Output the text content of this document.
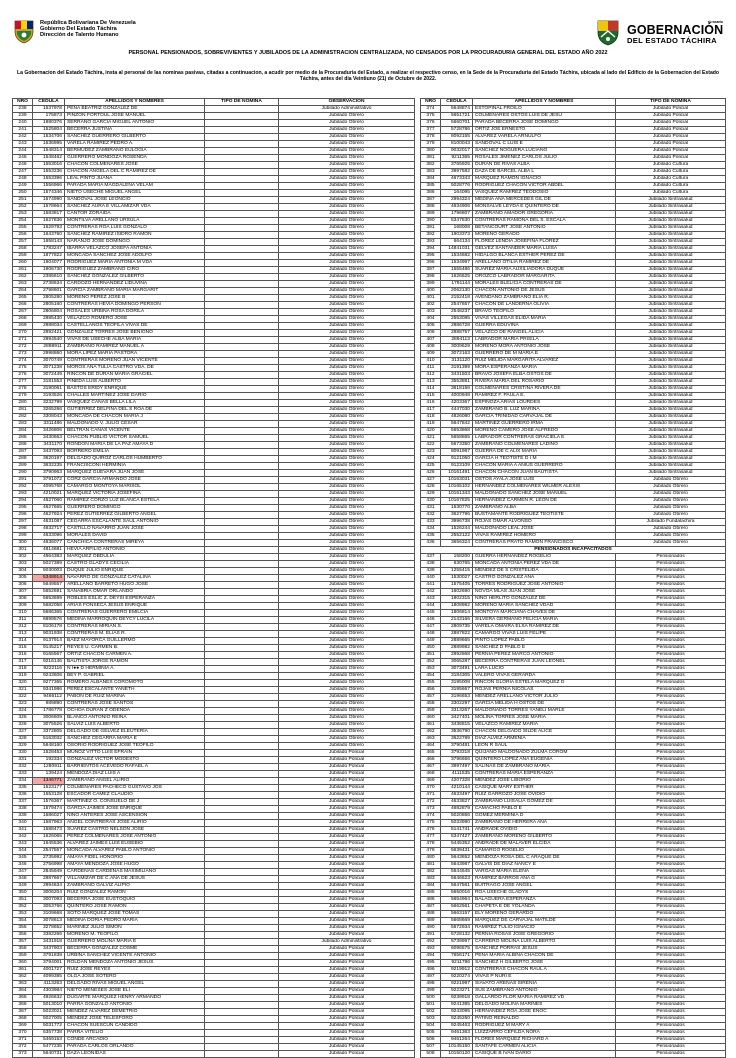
República Bolivariana De Venezuela
Gobierno Del Estado Táchira
Dirección de Talento Humano
el rosario
GOBERNACIÓN
DEL ESTADO TÁCHIRA
PERSONAL PENSIONADOS, SOBREVIVIENTES Y JUBILADOS DE LA ADMINISTRACION CENTRALIZADA, NO CENSADOS POR LA PROCURADURIA GENERAL DEL ESTADO AÑO 2022
La Gobernacion del Estado Táchira, insta al personal de las nominas pasivas, citadas a continuacion, a acudir por medio de la Procuraduria del Estado, a realizar el respectivo censo, en la Sede de la Procuraduria del Estado Táchira, ubicada al lado del Edificio de la Gobernacion del Estado Táchira, antes del dia Veintiuno (21) de Octubre de 2022.
NRO	CEDULA	APELLIDOS Y NOMBRES	TIPO DE NOMINA	OBSERVACION
238	1537978	PEÑA BEATRIZ GONZALEZ DE		Jubilado Administrativo
239	175873	PINZON FORTOUL JOSE MANUEL		Jubilado Obrero
240	1980376	SERRANO GARCIA MIGUEL ANTONIO		Jubilado Obrero
241	1525804	BECERRA JUSTINA		Jubilado Obrero
242	1534706	SANCHEZ GUERRERO GILBERTO		Jubilado Obrero
243	1536995	VARELA RAMIREZ PEDRO A.		Jubilado Obrero
244	1548314	BERMUDEZ ZAMBRANO EULOGIA		Jubilado Obrero
245	1548462	GUERRERO MONDOZA ROSENDA		Jubilado Obrero
246	1553016	CHACON COLMENARES JOSE		Jubilado Obrero
247	1553236	CHACON ANGELA DEL C RAMIREZ DE		Jubilado Obrero
248	1553396	LEAL PINTO JUANA		Jubilado Obrero
249	1556966	PARADA MARIA MAGDALENA VELAM		Jubilado Obrero
250	1574346	NIETO USECHE MIGUEL ANGEL		Jubilado Obrero
251	1574990	SANDOVAL JOSE LEONCIO		Jubilado Obrero
252	1578664	SANCHEZ AURA E VILLAMIZAR VDA		Jubilado Obrero
253	1583817	CANTOR ZORAIDA		Jubilado Obrero
254	1627836	MONTILVA ARELLANO URSULA		Jubilado Obrero
255	1629793	CONTRERAS ROA LUIS GONZALO		Jubilado Obrero
256	1643760	SANCHEZ RAMIREZ ISIDRO RAMON		Jubilado Obrero
257	1658143	NARANJO JOSE DOMINGO		Jubilado Obrero
258	1783247	IBARRA VELAZCO JOSEFA ANTONIA		Jubilado Obrero
259	1877822	MONCADA SANCHEZ JOSE ADOLFO		Jubilado Obrero
260	1904077	RODRIGUEZ MARIA ANTONIA M VDA		Jubilado Obrero
261	1906730	RODRIGUEZ ZAMBRANO CIRO		Jubilado Obrero
262	2386610	SANCHEZ GONZALEZ GILBERTO		Jubilado Obrero
263	2738634	CARDOZO HERNANDEZ LIDUVINA		Jubilado Obrero
264	2798601	GARCIA ZAMBRANO MARIA MARGARIT		Jubilado Obrero
265	2805280	MORENO PEREZ JOSE B		Jubilado Obrero
266	2805160	CONTRERAS HEVIA DOMINGO PERSON		Jubilado Obrero
267	2806804	ROSALES URBINA ROSA DORILA		Jubilado Obrero
268	2885430	VELAZCO ROMERO JOSE		Jubilado Obrero
269	2888034	CASTELLANOS TEOFILA VIVAS DE		Jubilado Obrero
270	2892421	GONZALEZ TORRES JOSE BENIGNO		Jubilado Obrero
271	2894540	VIVAS DE USECHE ALBA MARIA		Jubilado Obrero
272	2898911	ZAMBRANO RAMIREZ MANUEL A		Jubilado Obrero
273	2998860	MORA LIPEZ MARIA PASTORA		Jubilado Obrero
274	3070749	CONTRERAS MORENO JUAN VICENTE		Jubilado Obrero
275	3071238	MOROS ANA TULIA CASTRO VDA. DE		Jubilado Obrero
276	3072449	RINCON DE DURAN MARIA GRACIEL		Jubilado Obrero
277	3181553	PINEDA LUIS ALBERTO		Jubilado Obrero
278	3190061	BASTOS ERIDY ENRIQUE		Jubilado Obrero
279	3193526	CHALLES MARTINEZ JOSE DARIO		Jubilado Obrero
280	3232799	VASQUEZ CANAS BELLA LILA		Jubilado Obrero
281	3265266	GUTIERREZ DELFINA DEL S ROA DE		Jubilado Obrero
282	3308043	MONCADA DE CHACON MARIA J		Jubilado Obrero
283	3311486	MALDONADO V. JULIO CESAR		Jubilado Obrero
284	3426806	BELTRAN CAÑAS VICENTE		Jubilado Obrero
285	3430663	CHACON PUBLIO VICTOR SAMUEL		Jubilado Obrero
286	3431170	RONDON MARIA DE LA PAZ AMAYA D		Jubilado Obrero
287	3437093	BORRERO EMILIA		Jubilado Obrero
288	3620197	DELGADO QUIROZ CARLOS HUMBERTO		Jubilado Obrero
289	3632235	FRANCISCONI HERMINIA		Jubilado Obrero
290	3790963	MARQUEZ GUEVARA JUAN JOSE		Jubilado Obrero
291	3791072	CORZ GARCIA ARMANDO JOSE		Jubilado Obrero
292	4095768	CAMARGO MONTOYA MARISOL		Jubilado Obrero
293	4210021	MARQUEZ VICTORIA JOSEFINA		Jubilado Obrero
294	4627060	RAMIREZ CORZO LUZ BLANCA ESTELA		Jubilado Obrero
295	4627665	GUERRERO DOMINGO		Jubilado Obrero
296	4627924	PEREZ GUTIERREZ GILBERTO ANGEL		Jubilado Obrero
297	4631087	CEGARRA ESCALANTE SAUL ANTONIO		Jubilado Obrero
298	4632717	CASTILLO NAVARRO JUAN JOSE		Jubilado Obrero
299	4633096	MORALES DAVID		Jubilado Obrero
300	4636077	CANCHICA CONTRERAS MIREYA		Jubilado Obrero
301	4814681	HEVIA ARFILIO ANTONIO		Jubilado Obrero
302	4964383	MARQUEZ OBDULIA		Jubilado Obrero
303	5027389	CASTRO GLADYS CECILIA		Jubilado Obrero
304	5030003	DUQUE JULIO ENRIQUE		Jubilado Obrero
305	5348914	NAVARRO DE GONZALEZ CATALINA		Jubilado Obrero
306	5649557	ARELLANO BARRETO HUGO JOSE		Jubilado Obrero
307	5652691	SANABRIA OMAR ORLANDO		Jubilado Obrero
308	5653699	ROBLES ESLIC Z. DEYSI ESPERANZA		Jubilado Obrero
309	5682058	ARIAS FONSECA JESUS ENRIQUE		Jubilado Obrero
310	5686365	CONTRERAS GUERRERO EMILCIA		Jubilado Obrero
311	6899576	MEDINA MARROQUIN DEYCY LUCILA		Jubilado Obrero
312	8106178	CONTRERAS MIRIAN S.		Jubilado Obrero
313	9031938	CONTRERAS M. ELIAS R.		Jubilado Obrero
314	9137914	BAEZ MAYORCA GUILLERMO		Jubilado Obrero
315	9145217	REYES U. CARMEN B.		Jubilado Obrero
316	9165567	ORTIZ CHACON CARMEN A.		Jubilado Obrero
317	9216146	BAUTISTA JORGE RAMON		Jubilado Obrero
318	9222116	N I●● D HERMINIA A.		Jubilado Obrero
319	9243606	BEY P. GABRIEL		Jubilado Obrero
320	9277365	ROMERO ALBANES COROMOTO		Jubilado Obrero
321	9341986	PEREZ ESCALANTE YANETH		Jubilado Obrero
322	9466112	PABON DE RUIZ MARINA		Jubilado Obrero
323	989890	CONTRERAS JOSE SANTOS		Jubilado Obrero
324	1786778	OCHOA DURAN Z ODENDA		Jubilado Obrero
325	3006609	BLANCO ANTONIO REINA		Jubilado Obrero
326	3075526	SALVIZ LUIS ALBERTO		Jubilado Obrero
327	3372805	DELGADO DE GELVEZ ELEUTERIA		Jubilado Obrero
328	5163032	SANCHEZ CEGARRA MARIA E		Jubilado Obrero
329	5648160	OSORIO RODRIGUEZ JOSE TEOFILO		Jubilado Obrero
330	1528453	MUÑOZ VITTO LUIS EFRAIN		Jubilado Policial
331	192334	GONZALEZ VICTOR MODESTO		Jubilado Policial
332	1280911	BARRIENTOS ACEVEDO RAFAEL A		Jubilado Policial
333	139424	MENDOZA DIAZ LUIS A		Jubilado Policial
334	1346771	ZAMBRANO ANGEL ALIRIO		Jubilado Policial
335	1523177	COLMENARES PACHECO GUSTAVO JOS		Jubilado Policial
336	1553128	ESCADOR CAMEZ CLAUDIO		Jubilado Policial
337	1576367	MARTINEZ O. CONSUELO DE J		Jubilado Policial
338	1579474	GARCIA JAIMES JOSE ENRIQUE		Jubilado Policial
339	1586027	NINO ANTERES JOSE ASCENSION		Jubilado Policial
340	1587963	ANGEL CONTRERAS JOSE ALIRIO		Jubilado Policial
341	1588473	SUAREZ CASTRO NELSON JOSE		Jubilado Policial
342	1626065	PEREZ COLMENARES JOSE ANTONIO		Jubilado Policial
343	1645536	ALVAREZ JAIMES LUIS EUSEBIO		Jubilado Policial
344	2547557	MONCADA ALVAREZ PABLO ANTONIO		Jubilado Policial
345	2735992	AMAYA FIDEL HONORIO		Jubilado Policial
346	2756998	AMAYA MENDOZA JOSE HUGO		Jubilado Policial
347	2845949	CARDENAS CARDENAS MAXIMILIANO		Jubilado Policial
348	2887667	VILLAMIZAR DE C.ANA DE JESUS		Jubilado Policial
349	2894634	ZAMBRANO GALVIZ ALIPIO		Jubilado Policial
350	3006204	RUIZ GONZALEZ RAMON		Jubilado Policial
351	3007093	BECERRA JOSE EUSTOQUIO		Jubilado Policial
352	3053766	QUINTERO JOSE RAMON		Jubilado Policial
353	3109668	SOTO MARQUEZ JOSE TOMAS		Jubilado Policial
354	3078613	MEDINA DORIA PEDRO MARIA		Jubilado Policial
355	3278652	MARINEZ JULIO SIMON		Jubilado Policial
356	3382266	MORENO M. TEOFILO		Jubilado Policial
357	3431918	GUERRERO MOLINA MARIA E		Jubilado Administrativo
358	3437903	BECERRA GONZALEZ COSME		Jubilado Policial
359	3791838	URBINA SANCHEZ VICENTE ANTONIO		Jubilado Policial
360	3794001	ROLDAN MENDOZA ANTONIO JESUS		Jubilado Policial
361	4001727	RUIZ JOSE REYES		Jubilado Policial
362	4099385	OLGA JOSE SOTERO		Jubilado Policial
363	4113263	DELGADO RIVAS MIGUEL ANGEL		Jubilado Policial
364	4303984	NIETO MENESES JOSE ELI		Jubilado Policial
365	4926632	DUGARTE MARQUEZ HENRY ARMANDO		Jubilado Policial
366	5013010	PARRA GONZALO ANTONIO		Jubilado Policial
367	5023021	MENDEZ ALVAREZ DEMETRIO		Jubilado Policial
368	5027005	MENDEZ JOSE TELESFORO		Jubilado Policial
369	5031772	CHACON SUESCUN CANDIDO		Jubilado Policial
370	5357738	PARRA VITELIO		Jubilado Policial
371	5469153	CONDE ARCADIO		Jubilado Policial
372	5477235	PARADA CARLOS ORLANDO		Jubilado Policial
373	5640731	DAZA LEONIDAS		Jubilado Policial
NRO	CEDULA	APELLIDOS Y NOMBRES	TIPO DE NOMINA
374	5648874	ESTOPINAL FROILO	Jubilado Policial
375	5651721	COLMENARES OSTOS LUIS DE JESU	Jubilado Policial
376	5660701	PARADA BECERRA JOSE DOMINGO	Jubilado Policial
377	5728786	ORTIZ JOE ERNESTO	Jubilado Policial
378	8092155	ALVAREZ VARELA ARNULFO	Jubilado Policial
379	8100043	SANDOVAL C LUIS E	Jubilado Policial
380	9032017	SANCHEZ NOGUERA LUCIANO	Jubilado Policial
381	9211365	ROSALES JIMENEZ CARLOS JULIO	Jubilado Policial
382	3765925	DURAN DE RIVAS ALBA	Jubilado Cultura
383	3997582	DAZA DE BARCEL ALBA L	Jubilado Cultura
384	4673343	MARQUEZ RAMON IGNACIO	Jubilado Cultura
385	5028776	RODRIGUEZ CHACON VICTOR ABDEL	Jubilado Cultura
386	164095	VASQUEZ RAMIREZ TEODOSIO	Jubilado Cultura
387	2994324	MEDINA ANA MERCEDES GIL DE	Jubilado Sintrasalud
388	4634906	MONSALVE LEYDA E QUINTERO DE	Jubilado Sintrasalud
389	1796607	ZAMBRANO AMADOR GREGORIA	Jubilado Sintrasalud
390	5347530	CONTRERAS RAMONA DEL S. ESCALA	Jubilado Sintrasalud
391	168008	BETANCOURT JOSE ANTONIO	Jubilado Sintrasalud
392	1903373	MORENO GERADO	Jubilado Sintrasalud
393	664134	FLOREZ LENDIA JOSEFINA FLOREZ	Jubilado Sintrasalud
394	14841031	GELVEZ SANTANDER MARIA LUISA	Jubilado Sintrasalud
395	1534682	HIDALGO BLANCA ESTHER PEREZ DE	Jubilado Sintrasalud
396	1534997	ARELLANO OTILIA RAMIREZ DE	Jubilado Sintrasalud
397	1555486	SUAREZ MARIA AUXILIADORA DUQUE	Jubilado Sintrasalud
398	1626625	OROZCO LABRADOR MARGARITA	Jubilado Sintrasalud
399	1791144	MORALES BLELICIA CONTRERAS DE	Jubilado Sintrasalud
400	2062130	CHACON ANTONIO DE JESUS	Jubilado Sintrasalud
401	2152418	AVENDANO ZAMBRANO ELIA R.	Jubilado Sintrasalud
402	2547657	CHACON DE LANDERNA OLIVIA	Jubilado Sintrasalud
403	2548237	BRAVO TEOFILO	Jubilado Sintrasalud
404	2553085	VIVAS VILLEGAS ELIDA MARIA	Jubilado Sintrasalud
405	2886728	GUERRA EDUVINA	Jubilado Sintrasalud
406	2888757	VELAZCO DE RANGEL ALICIA	Jubilado Sintrasalud
407	2894113	LABRADOR MARIA PRISILA	Jubilado Sintrasalud
408	3009629	MORENO MORA ANTONIO JOSE	Jubilado Sintrasalud
409	3072163	GUERRERO DE M MARIA E	Jubilado Sintrasalud
410	3131120	RUIZ MELIDA MARGARITA ALVAREZ	Jubilado Sintrasalud
411	3191399	MORA ESPERANZA MARIA	Jubilado Sintrasalud
412	3431503	BRAVO JOSEFA ELBA OSTOS DE	Jubilado Sintrasalud
413	3553881	RIVERA MARIA DEL ROSARIO	Jubilado Sintrasalud
414	3618156	COLMENARES CRISTINA RIVERA DE	Jubilado Sintrasalud
415	4000948	RAMIREZ F. PAULA E.	Jubilado Sintrasalud
416	4203367	ESPINOZA ARIAS LOURDES	Jubilado Sintrasalud
417	4447030	ZAMBRANO B. LUZ MARINA	Jubilado Sintrasalud
418	4826080	GARCIA TRINIDAD CARVAJAL DE	Jubilado Sintrasalud
419	5647842	MARTINEZ GUERRERO IRMA	Jubilado Sintrasalud
420	5653868	MORENO CAMERO JOSE ALFREDO	Jubilado Sintrasalud
421	5658865	LABRADOR CONTRERAS GRACIELA E	Jubilado Sintrasalud
422	5673350	ZAMBRANO COLMENARES LADINO	Jubilado Sintrasalud
423	8091987	GUERRA DE C ALIX MARIA	Jubilado Sintrasalud
424	9121050	GARCIA H TEOTISTE D I M	Jubilado Sintrasalud
425	9123109	CHACON MARIA A ANIUS GUERRERO	Jubilado Sintrasalud
426	10161491	CHACON CHACON JUAN BAUTISTA	Jubilado Sintrasalud
427	10163031	OSTOS AYALA JOSE LUIS	Jubilado Obrero
428	10165102	HERNANDEZ COLMENARES WILMER ALEXIS	Jubilado Obrero
429	10161343	MALDONADO SANCHEZ JOSE MANUEL	Jubilado Obrero
430	10167825	HERNANDEZ CARMEN R. LEON DE	Jubilado Obrero
431	1530770	ZAMBRANO ALBA	Jubilado Obrero
432	3627796	BUSTAMANTE RODRIGUEZ TEOTISTE	Jubilado Obrero
433	3996738	ROJAS OMAR ALVONSO	Jubilado Fundalachira
434	1526244	MALDONADO LEAL JOSE	Jubilado Obrero
435	2552122	VIVAS RAMIREZ HOMERO	Jubilado Obrero
436	3656324	CONTRERAS PRATO RAMON FRANCISCO	Jubilado Obrero
PENSIONADOS INCAPACITADOS			
437	158200	GUERRA HERNANDEZ ROGELIO	Pensionados
438	630765	MONCADA ANTONIA PEREZ VDA DE	Pensionados
439	1255415	MENDEZ DE S CRISTELIDA	Pensionados
440	1530027	CASTRO GONZALEZ ANA	Pensionados
441	1575405	TORRES RODRIGUEZ JOSE ANTONIO	Pensionados
442	1602690	NOVOA MLAS JUAN JOSE	Pensionados
443	1802315	NINO HERLITO GONZALEZ DE	Pensionados
444	1808982	MORENO MARIA SANCHEZ VDAD	Pensionados
445	1806814	MONTOYA MARCIANA CHAVES DE	Pensionados
446	2143166	SILVERA GERMANO FELICIA MARIA	Pensionados
447	2809735	VARELA OMAIRA ELSA RAMIREZ DE	Pensionados
448	2887822	CAMARGO VIVAS LUIS FELIPE	Pensionados
449	2889665	PINTO LOPEZ PABLO	Pensionados
450	2889982	SANCHEZ D PABLO E	Pensionados
451	2892868	PERNIA PEREZ MARCO ANTONIO	Pensionados
452	3065287	BECERRA CONTRERAS JUAN LEONEL	Pensionados
453	3073491	LARA LUCIO	Pensionados
454	3184305	VALERO VIVAS GERARDA	Pensionados
455	3195008	RINCON GLORIA ESTELA MARQUEZ D	Pensionados
456	3195667	ROJAS PERNIA NICOLAS	Pensionados
457	3196653	MENDEZ ARELLANO VICTOR JULIO	Pensionados
458	3302297	GARCIA MELIDA H OSTOS DE	Pensionados
459	3313267	MALDONADO TORRES YANELI MARLE	Pensionados
460	3427401	MOLINA TORRES JOSE MARIA	Pensionados
461	3436815	VELAZCO RAMIREZ MARIA	Pensionados
462	3536790	CHACON DELGADO SILDE ALICE	Pensionados
463	3622789	DIAZ ALVEZ ARMENIA	Pensionados
464	3790481	LEON R SAUL	Pensionados
465	3793318	QUIJANO MALDONADO ZULMA COROM	Pensionados
466	3796656	QUINTERO LOPEZ ANA EUGENIA	Pensionados
467	3997497	SALINAS DE ZAMBRANO MARIA	Pensionados
468	4111535	CONTRERAS MARIA ESPERANZA	Pensionados
469	4207328	MENDEZ JOSE LIBORIO	Pensionados
470	4210144	CASIQUE MARY ESTHER	Pensionados
471	4633497	RUIZ GARROZO JOSE OVIDIO	Pensionados
472	4633827	ZAMBRANO LUISALIA GOMEZ DE	Pensionados
473	4682879	CAMACHO PABLO E	Pensionados
474	5020866	GOMEZ MERMINIA D	Pensionados
475	5033990	ZAMBRANO DE HERRERA ANA	Pensionados
476	5141741	ANDRADE OVIDIO	Pensionados
477	5347427	ZAMBRANO MORENO GILBERTO	Pensionados
478	5445352	ANDRADE DE MALAVER ELCIDA	Pensionados
479	5639431	CAMARGO ROGELIO	Pensionados
480	5643652	MENDOZA ROSA DEL C ARAQUE DE	Pensionados
481	5643987	GALVIS DE DIAZ NANCY E	Pensionados
482	5644645	VARGAS MARIA ELENA	Pensionados
483	5646623	RAMIREZ BARROS ANA G	Pensionados
484	5647561	BUITRAGO JOSE ANGEL	Pensionados
485	5650016	ROA USECHE GLADYS	Pensionados
486	5654964	BALAGUERA ESPERANZA	Pensionados
487	5662561	CHAPETA E DE YOLANDA	Pensionados
488	5663157	ELY MORENO GERARDO	Pensionados
489	5668669	MARQUEZ DE CARVAJAL MATILDE	Pensionados
490	5672934	RAMIREZ TULIO IGNACIO	Pensionados
491	5728132	PERNIA ROSAS JOSE GREGORIO	Pensionados
492	5739997	CARRERO MOLINA LUIS ALBERTO	Pensionados
493	6096575	SANCHEZ PORRAS JESUS	Pensionados
494	7656171	PEÑA MARIA ALBINA CHACON DE	Pensionados
495	9211786	SANCHEZ H GILBERTO JOSE	Pensionados
496	9219912	CONTRERAS CHACON RAUL A	Pensionados
497	9220274	VIVAS P NURI E	Pensionados
498	9221997	SIAVATO ARENAS SIRENIA	Pensionados
499	9223271	SUS ZAMBRANO ANTONIO	Pensionados
500	9239918	GALLARDO FLOR MARIA RAMIREZ VD	Pensionados
501	9241385	DELGADO MOLINA MARINES	Pensionados
502	9243095	HERNANDEZ ROA JOSE ENOC	Pensionados
503	9245260	PATINO REINALDO	Pensionados
504	9245463	RODRIGUEZ M MARY A	Pensionados
505	9461363	LUIZZARRO CEFILDA NORA	Pensionados
506	9461264	FLORES MARQUEZ RICHARD A	Pensionados
507	10145150	SANTAFE CARMEN ALICIA	Pensionados
508	10150120	CASIQUE B IVAN DARIO	Pensionados
